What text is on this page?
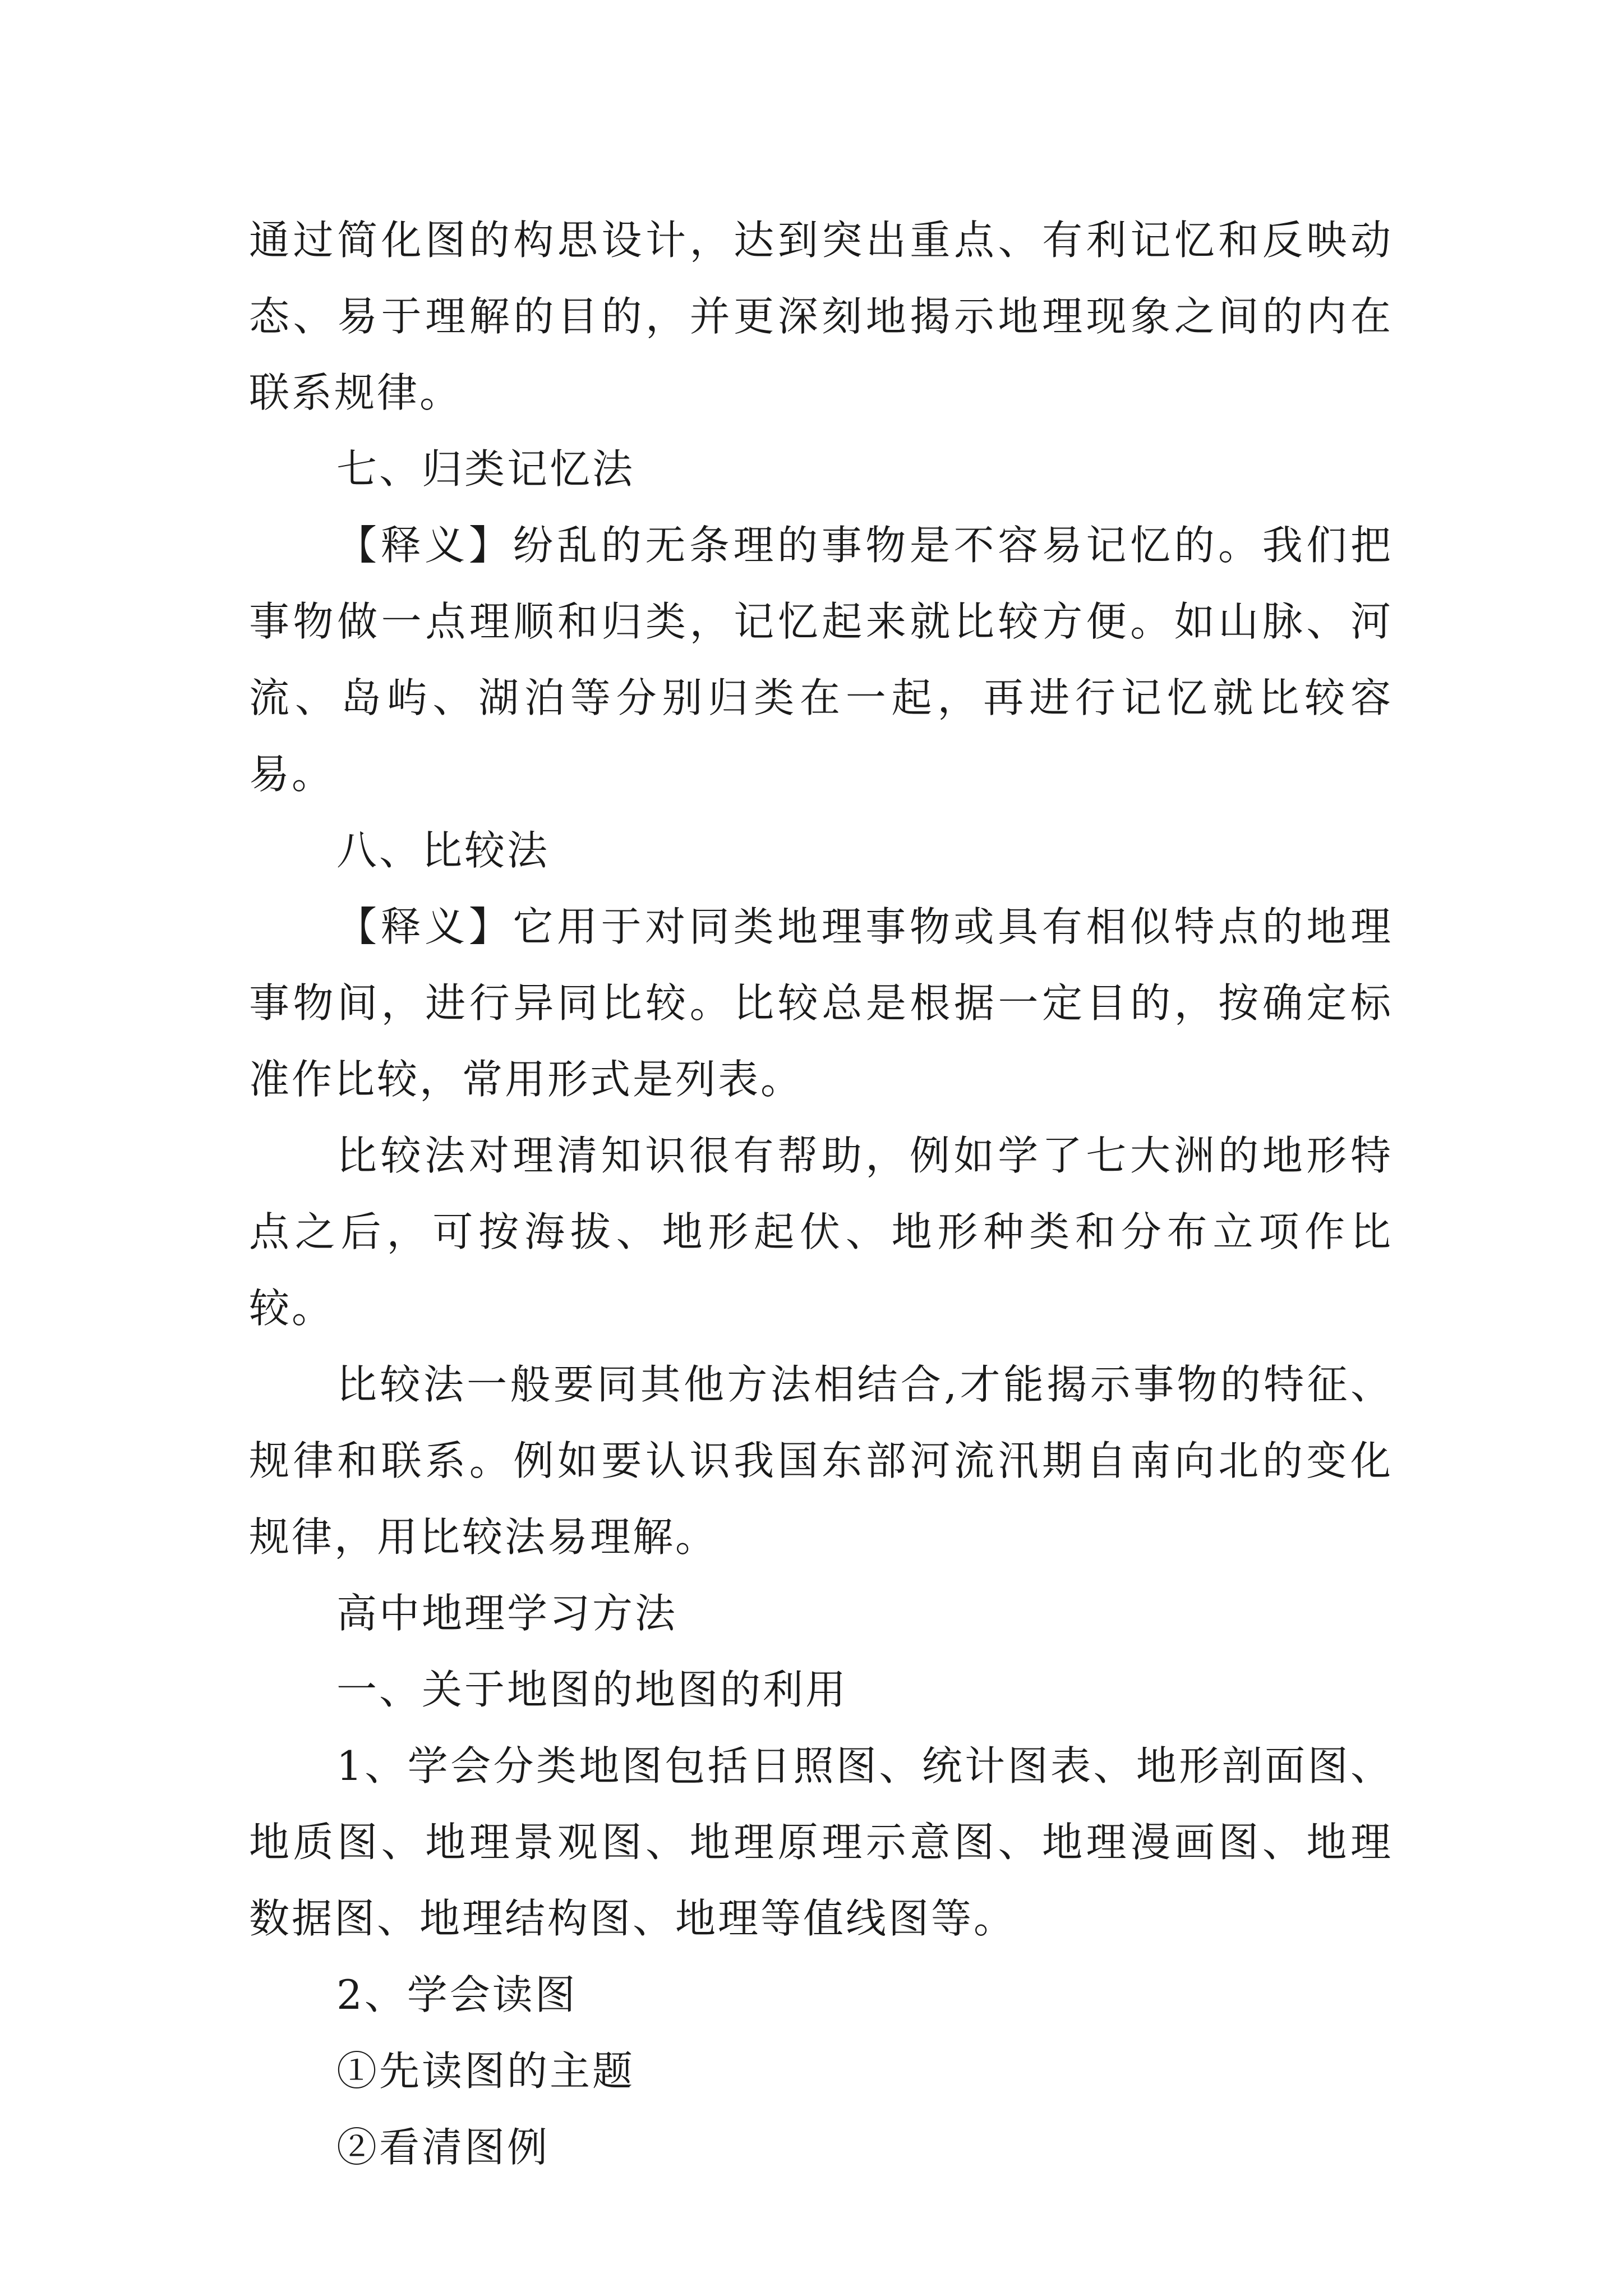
通过简化图的构思设计，达到突出重点、有利记忆和反映动态、易于理解的目的，并更深刻地揭示地理现象之间的内在联系规律。

七、归类记忆法

【释义】纷乱的无条理的事物是不容易记忆的。我们把事物做一点理顺和归类，记忆起来就比较方便。如山脉、河流、岛屿、湖泊等分别归类在一起，再进行记忆就比较容易。

八、比较法

【释义】它用于对同类地理事物或具有相似特点的地理事物间，进行异同比较。比较总是根据一定目的，按确定标准作比较，常用形式是列表。

比较法对理清知识很有帮助，例如学了七大洲的地形特点之后，可按海拔、地形起伏、地形种类和分布立项作比较。

比较法一般要同其他方法相结合,才能揭示事物的特征、规律和联系。例如要认识我国东部河流汛期自南向北的变化规律，用比较法易理解。

高中地理学习方法

一、关于地图的地图的利用

1、学会分类地图包括日照图、统计图表、地形剖面图、地质图、地理景观图、地理原理示意图、地理漫画图、地理数据图、地理结构图、地理等值线图等。

2、学会读图

①先读图的主题

②看清图例
